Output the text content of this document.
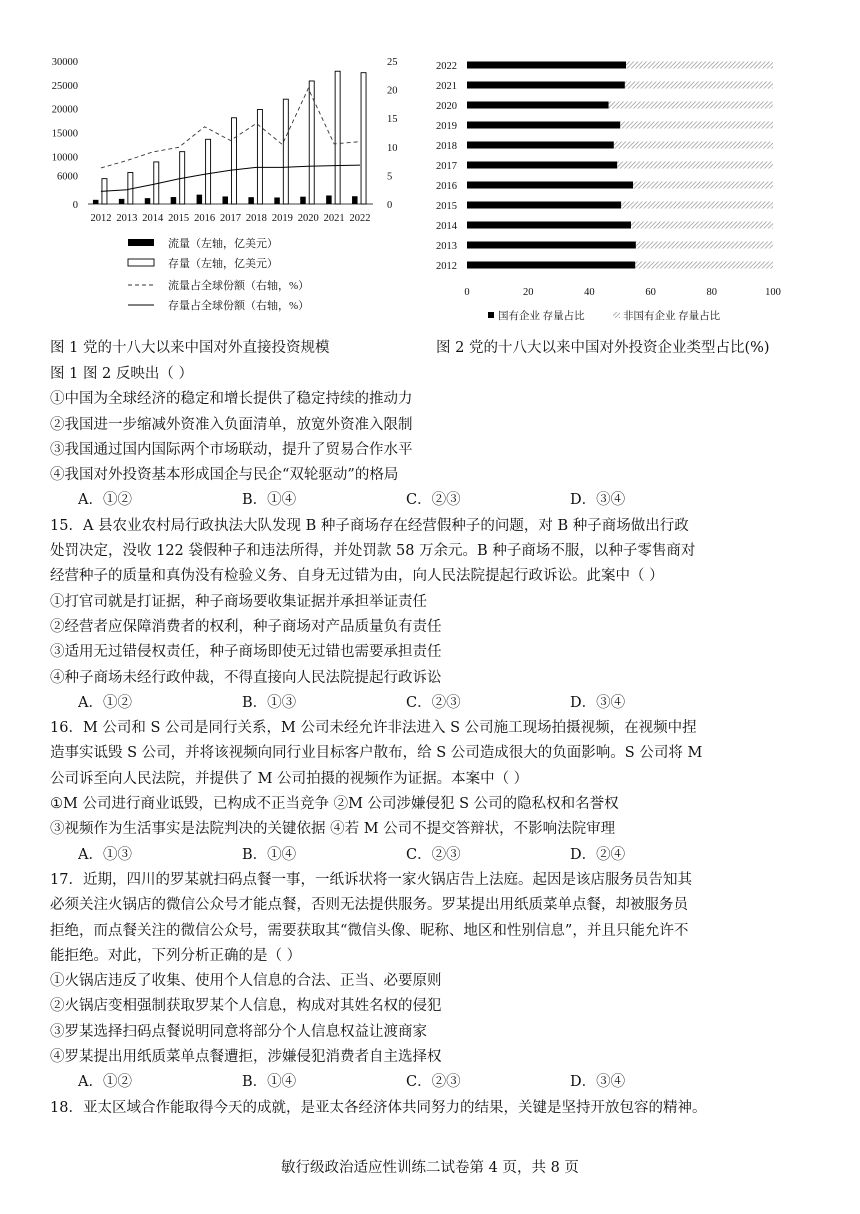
0
6000
10000
15000
20000
25000
30000
0
5
10
15
20
25
2012 2013 2014 2015 2016 2017 2018 2019 2020 2021 2022
流量（左轴，亿美元）
存量（左轴，亿美元）
流量占全球份额（右轴，%）
存量占全球份额（右轴，%）
2022
2021
2020
2019
2018
2017
2016
2015
2014
2013
2012
0	20	40	60	80	100
国有企业 存量占比	非国有企业 存量占比
图 1 党的十八大以来中国对外直接投资规模	图 2 党的十八大以来中国对外投资企业类型占比(%)
图 1 图 2 反映出（ ）
①中国为全球经济的稳定和增长提供了稳定持续的推动力
②我国进一步缩减外资准入负面清单，放宽外资准入限制
③我国通过国内国际两个市场联动，提升了贸易合作水平
④我国对外投资基本形成国企与民企“双轮驱动”的格局
A．①②	B．①④	C．②③	D．③④
15．A 县农业农村局行政执法大队发现 B 种子商场存在经营假种子的问题，对 B 种子商场做出行政
处罚决定，没收 122 袋假种子和违法所得，并处罚款 58 万余元。B 种子商场不服，以种子零售商对
经营种子的质量和真伪没有检验义务、自身无过错为由，向人民法院提起行政诉讼。此案中（ ）
①打官司就是打证据，种子商场要收集证据并承担举证责任
②经营者应保障消费者的权利，种子商场对产品质量负有责任
③适用无过错侵权责任，种子商场即使无过错也需要承担责任
④种子商场未经行政仲裁，不得直接向人民法院提起行政诉讼
A．①②	B．①③	C．②③	D．③④
16．M 公司和 S 公司是同行关系，M 公司未经允许非法进入 S 公司施工现场拍摄视频，在视频中捏
造事实诋毁 S 公司，并将该视频向同行业目标客户散布，给 S 公司造成很大的负面影响。S 公司将 M
公司诉至向人民法院，并提供了 M 公司拍摄的视频作为证据。本案中（ ）
①M 公司进行商业诋毁，已构成不正当竞争 ②M 公司涉嫌侵犯 S 公司的隐私权和名誉权
③视频作为生活事实是法院判决的关键依据 ④若 M 公司不提交答辩状，不影响法院审理
A．①③	B．①④	C．②③	D．②④
17．近期，四川的罗某就扫码点餐一事，一纸诉状将一家火锅店告上法庭。起因是该店服务员告知其
必须关注火锅店的微信公众号才能点餐，否则无法提供服务。罗某提出用纸质菜单点餐，却被服务员
拒绝，而点餐关注的微信公众号，需要获取其“微信头像、昵称、地区和性别信息”，并且只能允许不
能拒绝。对此，下列分析正确的是（ ）
①火锅店违反了收集、使用个人信息的合法、正当、必要原则
②火锅店变相强制获取罗某个人信息，构成对其姓名权的侵犯
③罗某选择扫码点餐说明同意将部分个人信息权益让渡商家
④罗某提出用纸质菜单点餐遭拒，涉嫌侵犯消费者自主选择权
A．①②	B．①④	C．②③	D．③④
18．亚太区域合作能取得今天的成就，是亚太各经济体共同努力的结果，关键是坚持开放包容的精神。
敏行级政治适应性训练二试卷第 4 页，共 8 页
